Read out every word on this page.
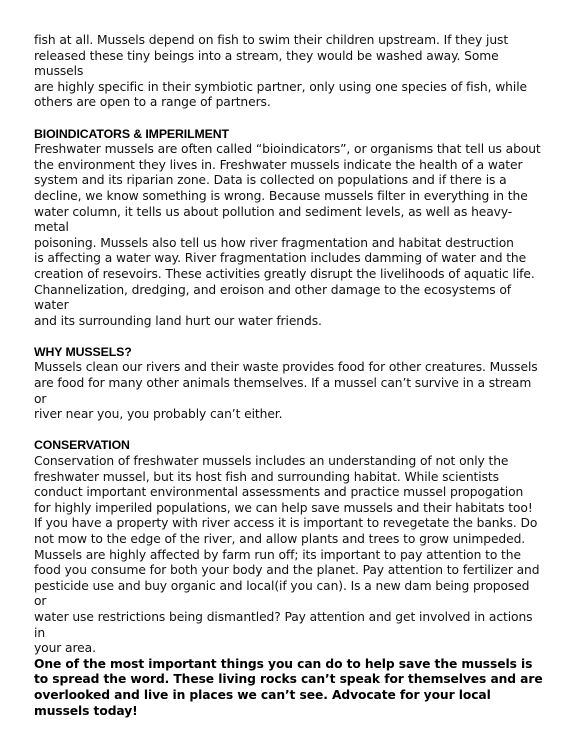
fish at all. Mussels depend on fish to swim their children upstream. If they just
released these tiny beings into a stream, they would be washed away. Some mussels
are highly specific in their symbiotic partner, only using one species of fish, while
others are open to a range of partners.

BIOINDICATORS & IMPERILMENT

Freshwater mussels are often called “bioindicators”, or organisms that tell us about
the environment they lives in. Freshwater mussels indicate the health of a water
system and its riparian zone. Data is collected on populations and if there is a
decline, we know something is wrong. Because mussels filter in everything in the
water column, it tells us about pollution and sediment levels, as well as heavy-metal
poisoning. Mussels also tell us how river fragmentation and habitat destruction
is affecting a water way. River fragmentation includes damming of water and the
creation of resevoirs. These activities greatly disrupt the livelihoods of aquatic life.
Channelization, dredging, and eroison and other damage to the ecosystems of water
and its surrounding land hurt our water friends.

WHY MUSSELS?

Mussels clean our rivers and their waste provides food for other creatures. Mussels
are food for many other animals themselves. If a mussel can’t survive in a stream or
river near you, you probably can’t either.

CONSERVATION

Conservation of freshwater mussels includes an understanding of not only the
freshwater mussel, but its host fish and surrounding habitat. While scientists
conduct important environmental assessments and practice mussel propogation
for highly imperiled populations, we can help save mussels and their habitats too!
If you have a property with river access it is important to revegetate the banks. Do
not mow to the edge of the river, and allow plants and trees to grow unimpeded.
Mussels are highly affected by farm run off; its important to pay attention to the
food you consume for both your body and the planet. Pay attention to fertilizer and
pesticide use and buy organic and local(if you can). Is a new dam being proposed or
water use restrictions being dismantled? Pay attention and get involved in actions in
your area.

One of the most important things you can do to help save the mussels is
to spread the word. These living rocks can’t speak for themselves and are
overlooked and live in places we can’t see. Advocate for your local mussels today!
